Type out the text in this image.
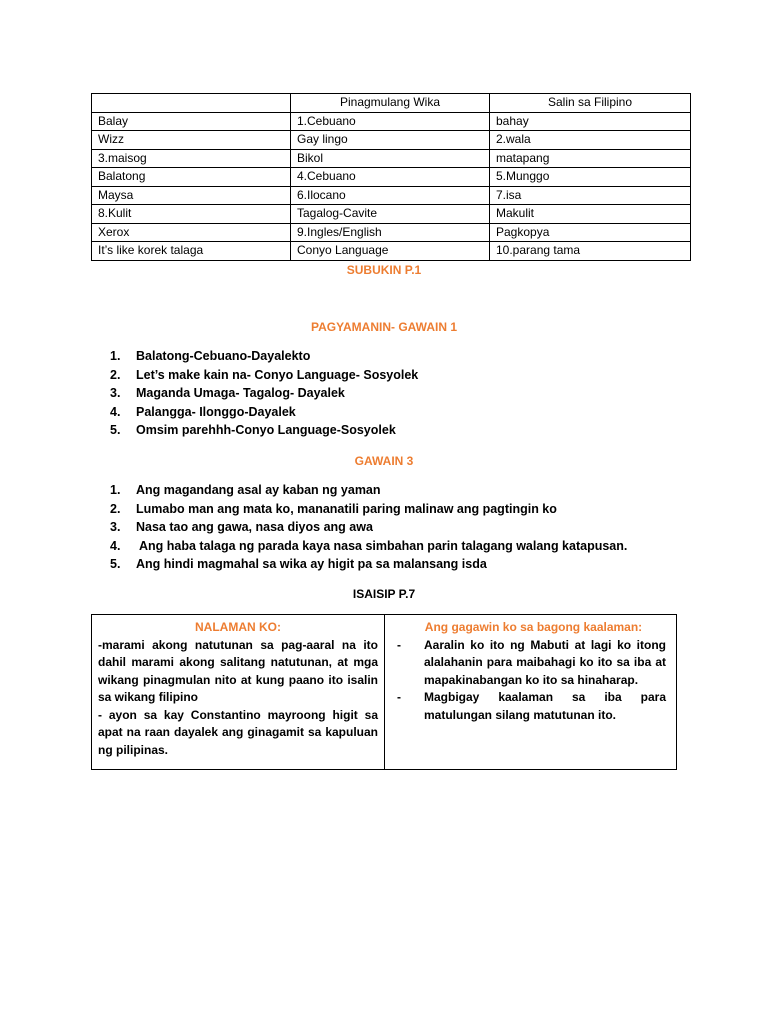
	Pinagmulang Wika	Salin sa Filipino
Balay	1.Cebuano	bahay
Wizz	Gay lingo	2.wala
3.maisog	Bikol	matapang
Balatong	4.Cebuano	5.Munggo
Maysa	6.Ilocano	7.isa
8.Kulit	Tagalog-Cavite	Makulit
Xerox	9.Ingles/English	Pagkopya
It’s like korek talaga	Conyo Language	10.parang tama
SUBUKIN P.1
PAGYAMANIN- GAWAIN 1
1. Balatong-Cebuano-Dayalekto
2. Let’s make kain na- Conyo Language- Sosyolek
3. Maganda Umaga- Tagalog- Dayalek
4. Palangga- Ilonggo-Dayalek
5. Omsim parehhh-Conyo Language-Sosyolek
GAWAIN 3
1. Ang magandang asal ay kaban ng yaman
2. Lumabo man ang mata ko, mananatili paring malinaw ang pagtingin ko
3. Nasa tao ang gawa, nasa diyos ang awa
4. Ang haba talaga ng parada kaya nasa simbahan parin talagang walang katapusan.
5. Ang hindi magmahal sa wika ay higit pa sa malansang isda
ISAISIP P.7
NALAMAN KO:

-marami akong natutunan sa pag-aaral na ito dahil marami akong salitang natutunan, at mga wikang pinagmulan nito at kung paano ito isalin sa wikang filipino

- ayon sa kay Constantino mayroong higit sa apat na raan dayalek ang ginagamit sa kapuluan ng pilipinas.

Ang gagawin ko sa bagong kaalaman:
-	Aaralin ko ito ng Mabuti at lagi ko itong alalahanin para maibahagi ko ito sa iba at mapakinabangan ko ito sa hinaharap.
-	Magbigay kaalaman sa iba para matulungan silang matutunan ito.
